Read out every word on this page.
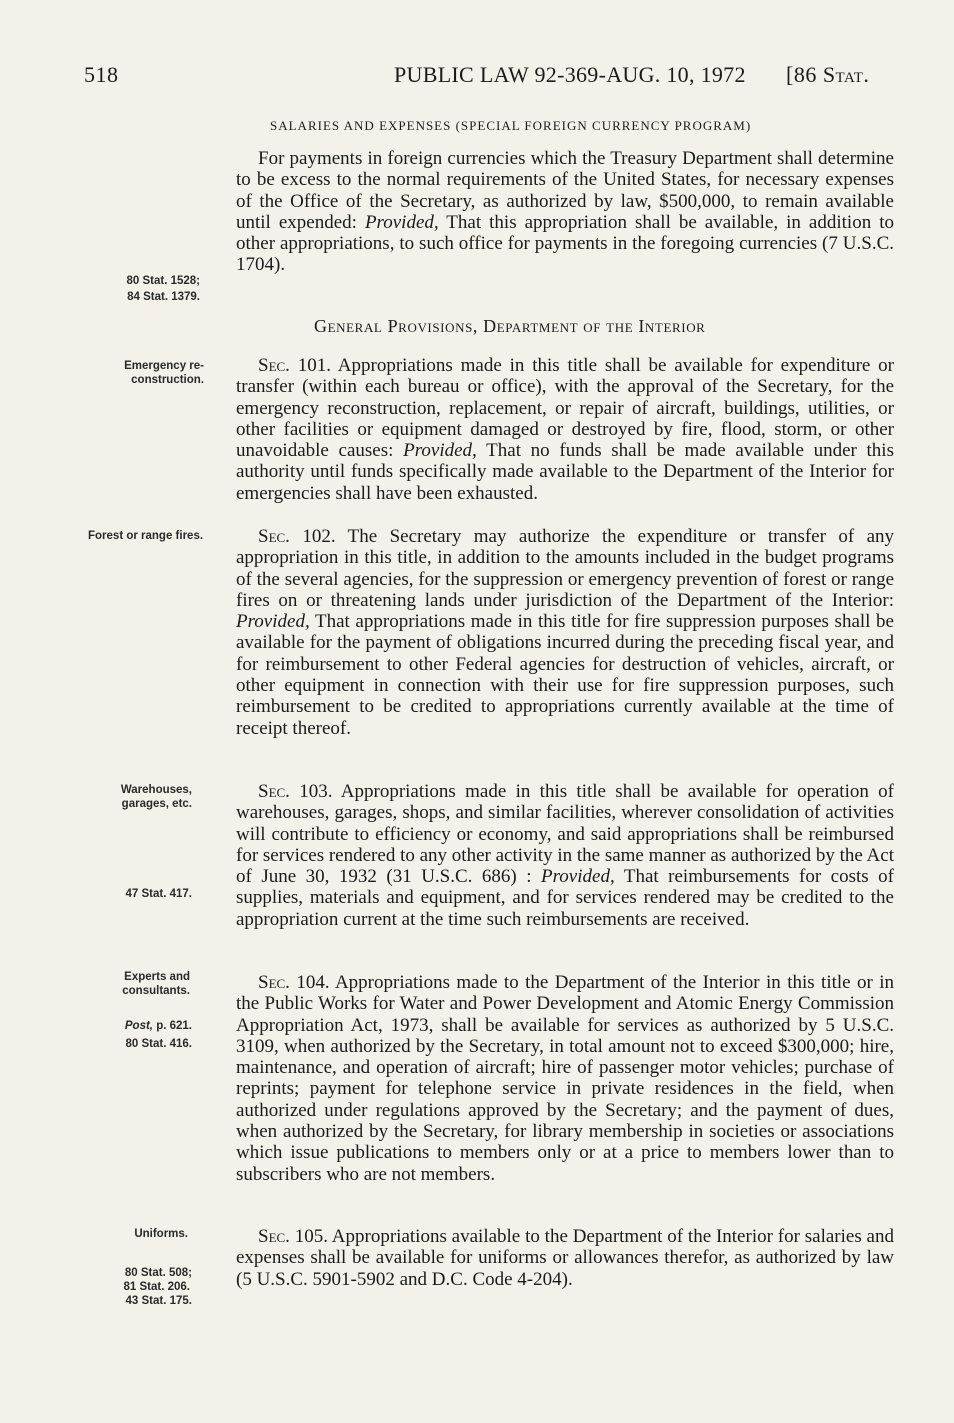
518	PUBLIC LAW 92-369-AUG. 10, 1972 [86 Stat.
SALARIES AND EXPENSES (SPECIAL FOREIGN CURRENCY PROGRAM)
For payments in foreign currencies which the Treasury Department shall determine to be excess to the normal requirements of the United States, for necessary expenses of the Office of the Secretary, as authorized by law, $500,000, to remain available until expended: Provided, That this appropriation shall be available, in addition to other appropriations, to such office for payments in the foregoing currencies (7 U.S.C. 1704).
General Provisions, Department of the Interior
Sec. 101. Appropriations made in this title shall be available for expenditure or transfer (within each bureau or office), with the approval of the Secretary, for the emergency reconstruction, replacement, or repair of aircraft, buildings, utilities, or other facilities or equipment damaged or destroyed by fire, flood, storm, or other unavoidable causes: Provided, That no funds shall be made available under this authority until funds specifically made available to the Department of the Interior for emergencies shall have been exhausted.
Sec. 102. The Secretary may authorize the expenditure or transfer of any appropriation in this title, in addition to the amounts included in the budget programs of the several agencies, for the suppression or emergency prevention of forest or range fires on or threatening lands under jurisdiction of the Department of the Interior: Provided, That appropriations made in this title for fire suppression purposes shall be available for the payment of obligations incurred during the preceding fiscal year, and for reimbursement to other Federal agencies for destruction of vehicles, aircraft, or other equipment in connection with their use for fire suppression purposes, such reimbursement to be credited to appropriations currently available at the time of receipt thereof.
Sec. 103. Appropriations made in this title shall be available for operation of warehouses, garages, shops, and similar facilities, wherever consolidation of activities will contribute to efficiency or economy, and said appropriations shall be reimbursed for services rendered to any other activity in the same manner as authorized by the Act of June 30, 1932 (31 U.S.C. 686) : Provided, That reimbursements for costs of supplies, materials and equipment, and for services rendered may be credited to the appropriation current at the time such reimbursements are received.
Sec. 104. Appropriations made to the Department of the Interior in this title or in the Public Works for Water and Power Development and Atomic Energy Commission Appropriation Act, 1973, shall be available for services as authorized by 5 U.S.C. 3109, when authorized by the Secretary, in total amount not to exceed $300,000; hire, maintenance, and operation of aircraft; hire of passenger motor vehicles; purchase of reprints; payment for telephone service in private residences in the field, when authorized under regulations approved by the Secretary; and the payment of dues, when authorized by the Secretary, for library membership in societies or associations which issue publications to members only or at a price to members lower than to subscribers who are not members.
Sec. 105. Appropriations available to the Department of the Interior for salaries and expenses shall be available for uniforms or allowances therefor, as authorized by law (5 U.S.C. 5901-5902 and D.C. Code 4-204).
80 Stat. 1528;
84 Stat. 1379.
Emergency re- construction.
Forest or range fires.
Warehouses, garages, etc.
47 Stat. 417.
Experts and consultants.
Post, p. 621.
80 Stat. 416.
Uniforms.
80 Stat. 508;
81 Stat. 206.
43 Stat. 175.
